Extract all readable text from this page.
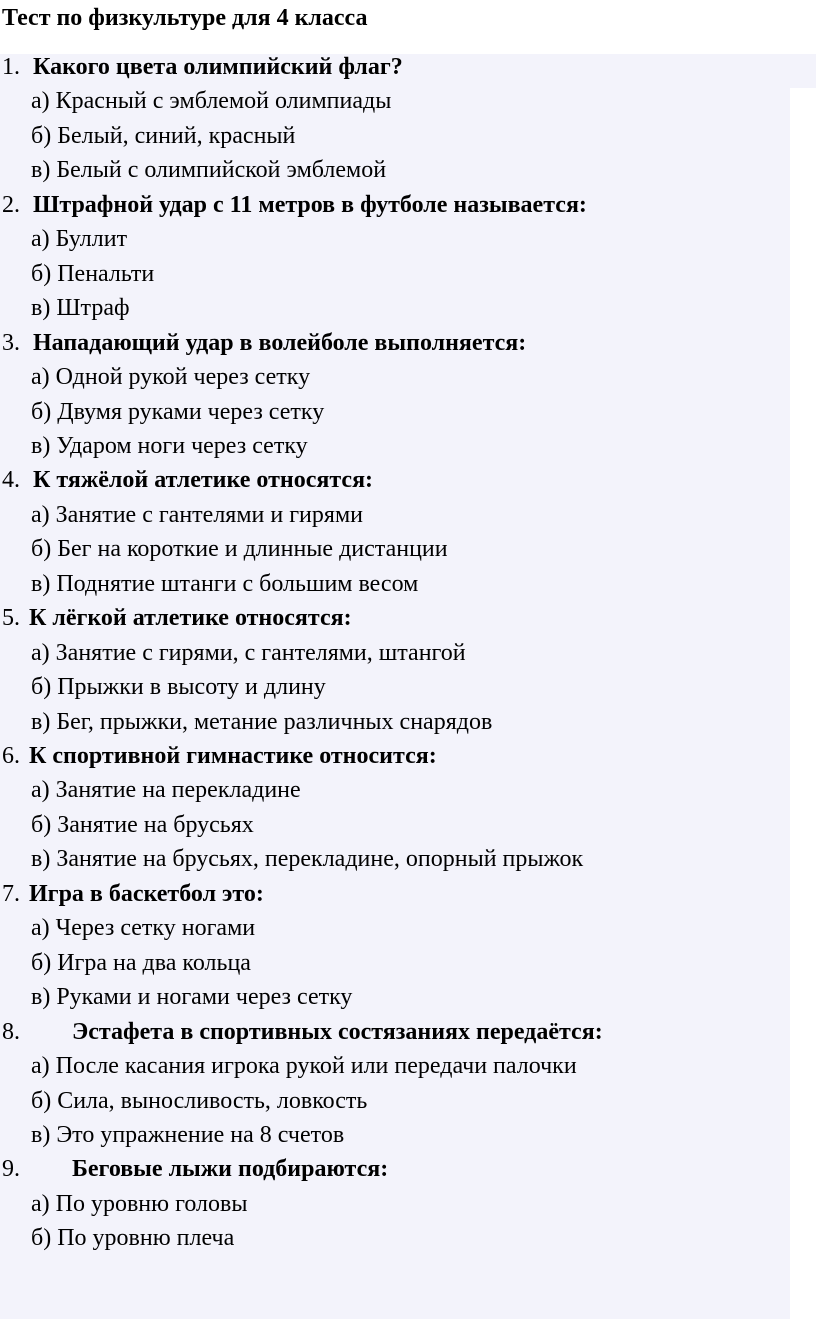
Тест по физкультуре для 4 класса
1. Какого цвета олимпийский флаг?
а) Красный с эмблемой олимпиады
б) Белый, синий, красный
в) Белый с олимпийской эмблемой
2. Штрафной удар с 11 метров в футболе называется:
а) Буллит
б) Пенальти
в) Штраф
3. Нападающий удар в волейболе выполняется:
а) Одной рукой через сетку
б) Двумя руками через сетку
в) Ударом ноги через сетку
4. К тяжёлой атлетике относятся:
а) Занятие с гантелями и гирями
б) Бег на короткие и длинные дистанции
в) Поднятие штанги с большим весом
5. К лёгкой атлетике относятся:
а) Занятие с гирями, с гантелями, штангой
б) Прыжки в высоту и длину
в) Бег, прыжки, метание различных снарядов
6. К спортивной гимнастике относится:
а) Занятие на перекладине
б) Занятие на брусьях
в) Занятие на брусьях, перекладине, опорный прыжок
7. Игра в баскетбол это:
а) Через сетку ногами
б) Игра на два кольца
в) Руками и ногами через сетку
8. Эстафета в спортивных состязаниях передаётся:
а) После касания игрока рукой или передачи палочки
б) Сила, выносливость, ловкость
в) Это упражнение на 8 счетов
9. Беговые лыжи подбираются:
а) По уровню головы
б) По уровню плеча
